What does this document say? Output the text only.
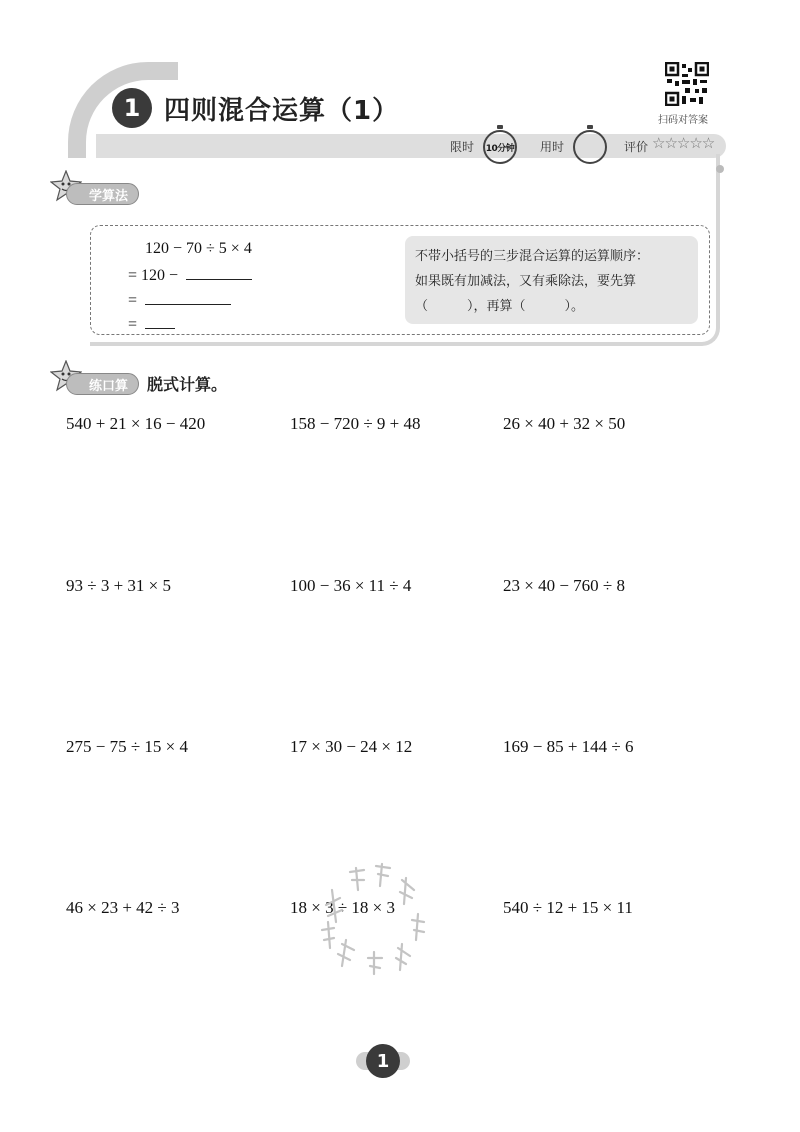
1 四则混合运算（1）
限时 10分钟 用时	评价 ☆☆☆☆☆
扫码对答案
学算法
120 − 70 ÷ 5 × 4
= 120 −
=
=
不带小括号的三步混合运算的运算顺序：
如果既有加减法，又有乘除法，要先算
（　　　），再算（　　　）。
练口算 脱式计算。
540 + 21 × 16 − 420	158 − 720 ÷ 9 + 48	26 × 40 + 32 × 50
93 ÷ 3 + 31 × 5	100 − 36 × 11 ÷ 4	23 × 40 − 760 ÷ 8
275 − 75 ÷ 15 × 4	17 × 30 − 24 × 12	169 − 85 + 144 ÷ 6
46 × 23 + 42 ÷ 3	18 × 3 ÷ 18 × 3	540 ÷ 12 + 15 × 11
1
